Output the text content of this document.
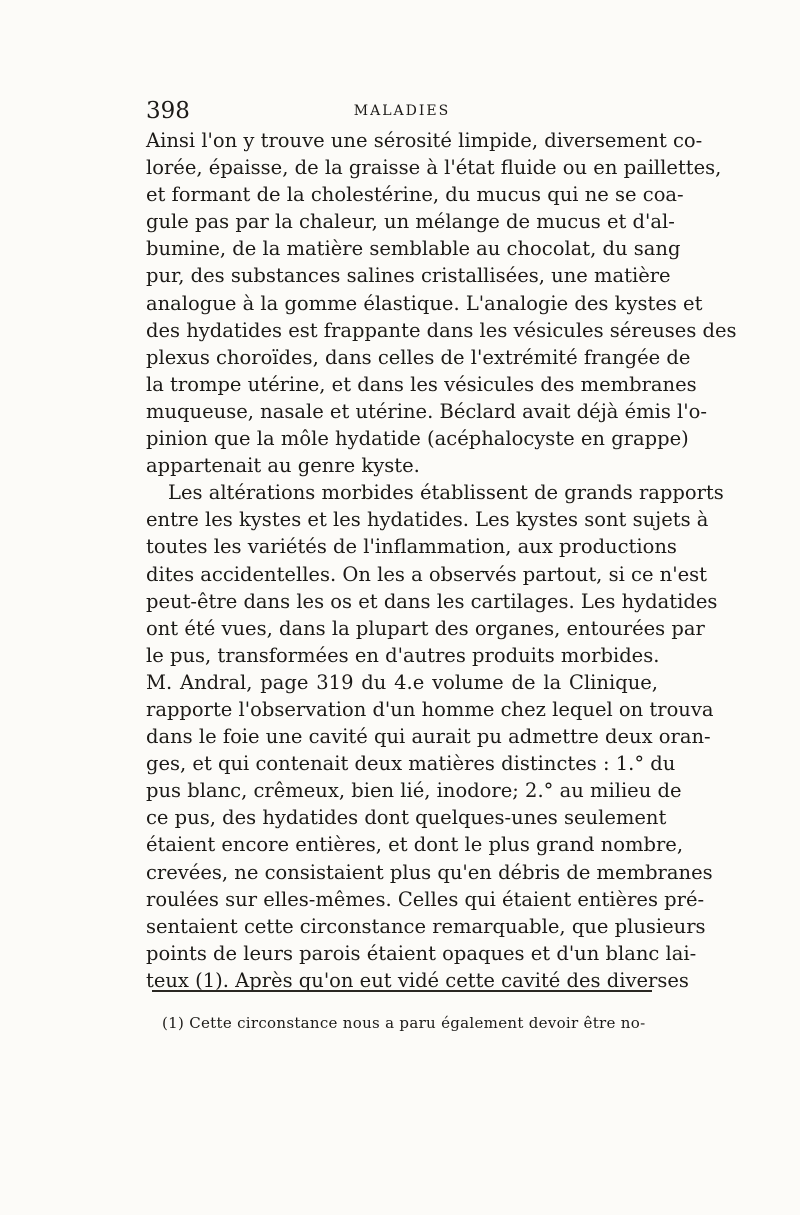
398	MALADIES
Ainsi l'on y trouve une sérosité limpide, diversement co-
lorée, épaisse, de la graisse à l'état fluide ou en paillettes,
et formant de la cholestérine, du mucus qui ne se coa-
gule pas par la chaleur, un mélange de mucus et d'al-
bumine, de la matière semblable au chocolat, du sang
pur, des substances salines cristallisées, une matière
analogue à la gomme élastique. L'analogie des kystes et
des hydatides est frappante dans les vésicules séreuses des
plexus choroïdes, dans celles de l'extrémité frangée de
la trompe utérine, et dans les vésicules des membranes
muqueuse, nasale et utérine. Béclard avait déjà émis l'o-
pinion que la môle hydatide (acéphalocyste en grappe)
appartenait au genre kyste.
Les altérations morbides établissent de grands rapports
entre les kystes et les hydatides. Les kystes sont sujets à
toutes les variétés de l'inflammation, aux productions
dites accidentelles. On les a observés partout, si ce n'est
peut-être dans les os et dans les cartilages. Les hydatides
ont été vues, dans la plupart des organes, entourées par
le pus, transformées en d'autres produits morbides.
M. Andral, page 319 du 4.e volume de la Clinique,
rapporte l'observation d'un homme chez lequel on trouva
dans le foie une cavité qui aurait pu admettre deux oran-
ges, et qui contenait deux matières distinctes : 1.° du
pus blanc, crêmeux, bien lié, inodore; 2.° au milieu de
ce pus, des hydatides dont quelques-unes seulement
étaient encore entières, et dont le plus grand nombre,
crevées, ne consistaient plus qu'en débris de membranes
roulées sur elles-mêmes. Celles qui étaient entières pré-
sentaient cette circonstance remarquable, que plusieurs
points de leurs parois étaient opaques et d'un blanc lai-
teux (1). Après qu'on eut vidé cette cavité des diverses
(1) Cette circonstance nous a paru également devoir être no-
